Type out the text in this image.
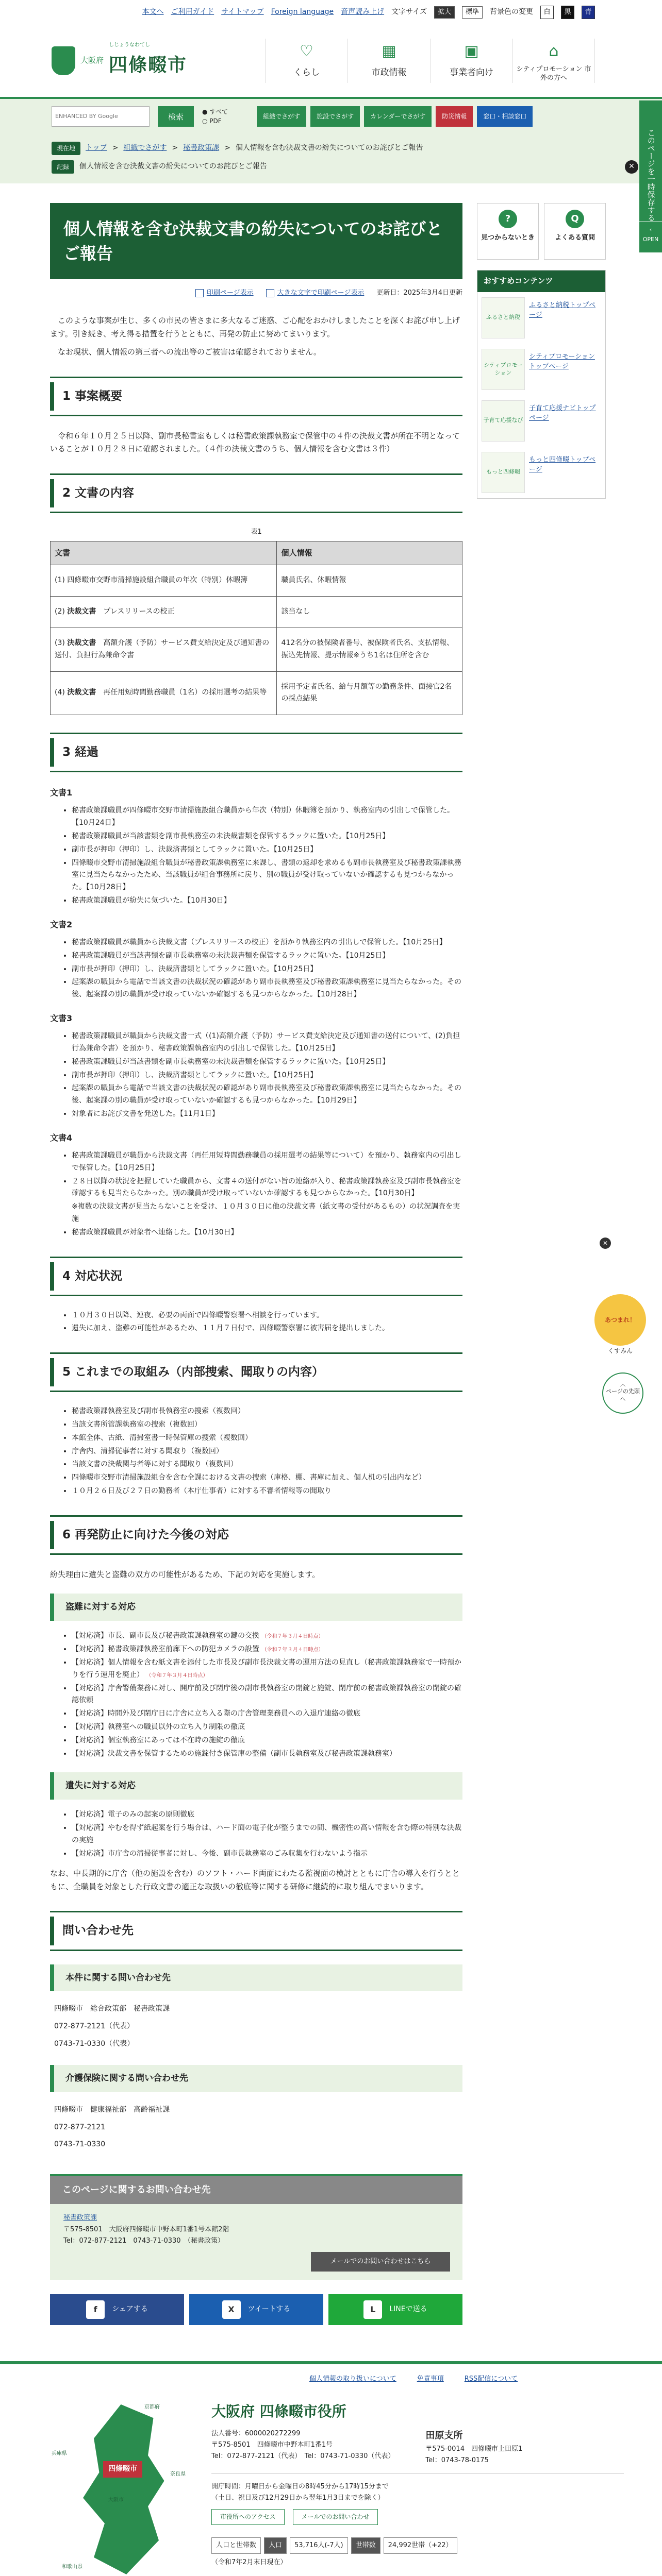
本文へ ご利用ガイド サイトマップ Foreign language 音声読み上げ 文字サイズ	拡大	標準	背景色の変更	白	黒	青
大阪府
しじょうなわてし
四條畷市
♡
くらし
▦
市政情報
▣
事業者向け
⌂
シティプロモーション 市外の方へ
ENHANCED BY Google	検索
● すべて
○ PDF
組織でさがす	施設でさがす	カレンダーでさがす	防災情報	窓口・相談窓口
現在地	トップ > 組織でさがす > 秘書政策課 > 個人情報を含む決裁文書の紛失についてのお詫びとご報告
記録	個人情報を含む決裁文書の紛失についてのお詫びとご報告	✕	このページを一時保存する
‹
OPEN
個人情報を含む決裁文書の紛失についてのお詫びとご報告
印刷ページ表示	大きな文字で印刷ページ表示 更新日：2025年3月4日更新

このような事案が生じ、多くの市民の皆さまに多大なるご迷惑、ご心配をおかけしましたことを深くお詫び申し上げます。引き続き、考え得る措置を行うとともに、再発の防止に努めてまいります。

なお現状、個人情報の第三者への流出等のご被害は確認されておりません。

1 事案概要

令和６年１０月２５日以降、副市長秘書室もしくは秘書政策課執務室で保管中の４件の決裁文書が所在不明となっていることが１０月２８日に確認されました。（４件の決裁文書のうち、個人情報を含む文書は３件）

2 文書の内容
表1
文書	個人情報
(1) 四條畷市交野市清掃施設組合職員の年次（特別）休暇簿	職員氏名、休暇情報
(2) 決裁文書　 プレスリリースの校正	該当なし
(3) 決裁文書　 高額介護（予防）サービス費支給決定及び通知書の送付、負担行為兼命令書	412名分の被保険者番号、被保険者氏名、支払情報、振込先情報、提示情報※うち1名は住所を含む
(4) 決裁文書　 再任用短時間勤務職員（1名）の採用選考の結果等	採用予定者氏名、給与月額等の勤務条件、面接官2名の採点結果
3 経過
文書1
• 秘書政策課職員が四條畷市交野市清掃施設組合職員から年次（特別）休暇簿を預かり、執務室内の引出しで保管した。【10月24日】
• 秘書政策課職員が当該書類を副市長執務室の未決裁書類を保管するラックに置いた。【10月25日】
• 副市長が押印（押印）し、決裁済書類としてラックに置いた。【10月25日】
• 四條畷市交野市清掃施設組合職員が秘書政策課執務室に来課し、書類の返却を求めるも副市長執務室及び秘書政策課執務室に見当たらなかったため、当該職員が組合事務所に戻り、別の職員が受け取っていないか確認するも見つからなかった。【10月28日】
• 秘書政策課職員が紛失に気づいた。【10月30日】
文書2
• 秘書政策課職員が職員から決裁文書（プレスリリースの校正）を預かり執務室内の引出しで保管した。【10月25日】
• 秘書政策課職員が当該書類を副市長執務室の未決裁書類を保管するラックに置いた。【10月25日】
• 副市長が押印（押印）し、決裁済書類としてラックに置いた。【10月25日】
• 起案課の職員から電話で当該文書の決裁状況の確認があり副市長執務室及び秘書政策課執務室に見当たらなかった。その後、起案課の別の職員が受け取っていないか確認するも見つからなかった。【10月28日】
文書3
• 秘書政策課職員が職員から決裁文書一式（(1)高額介護（予防）サービス費支給決定及び通知書の送付について、(2)負担行為兼命令書）を預かり、秘書政策課執務室内の引出しで保管した。【10月25日】
• 秘書政策課職員が当該書類を副市長執務室の未決裁書類を保管するラックに置いた。【10月25日】
• 副市長が押印（押印）し、決裁済書類としてラックに置いた。【10月25日】
• 起案課の職員から電話で当該文書の決裁状況の確認があり副市長執務室及び秘書政策課執務室に見当たらなかった。その後、起案課の別の職員が受け取っていないか確認するも見つからなかった。【10月29日】
• 対象者にお詫び文書を発送した。【11月1日】
文書4
• 秘書政策課職員が職員から決裁文書（再任用短時間勤務職員の採用選考の結果等について）を預かり、執務室内の引出しで保管した。【10月25日】
• ２８日以降の状況を把握していた職員から、文書４の送付がない旨の連絡が入り、秘書政策課執務室及び副市長執務室を確認するも見当たらなかった。別の職員が受け取っていないか確認するも見つからなかった。【10月30日】
※複数の決裁文書が見当たらないことを受け、１０月３０日に他の決裁文書（紙文書の受付があるもの）の状況調査を実施
• 秘書政策課職員が対象者へ連絡した。【10月30日】
4 対応状況
• １０月３０日以降、連夜、必要の両面で四條畷警察署へ相談を行っています。
• 遺失に加え、盗難の可能性があるため、１１月７日付で、四條畷警察署に被害届を提出しました。
5 これまでの取組み（内部捜索、聞取りの内容）
• 秘書政策課執務室及び副市長執務室の捜索（複数回）
• 当該文書所管課執務室の捜索（複数回）
• 本館全体、古紙、清掃室書一時保管庫の捜索（複数回）
• 庁舎内、清掃従事者に対する聞取り（複数回）
• 当該文書の決裁関与者等に対する聞取り（複数回）
• 四條畷市交野市清掃施設組合を含む全課における文書の捜索（庫格、棚、書庫に加え、個人机の引出内など）
• １０月２６日及び２７日の勤務者（本庁仕事者）に対する不審者情報等の聞取り
6 再発防止に向けた今後の対応

紛失理由に遺失と盗難の双方の可能性があるため、下記の対応を実施します。

盗難に対する対応
• 【対応済】市長、副市長及び秘書政策課執務室の鍵の交換 （令和７年３月４日時点）
• 【対応済】秘書政策課執務室前廊下への防犯カメラの設置 （令和７年３月４日時点）
• 【対応済】個人情報を含む紙文書を添付した市長及び副市長決裁文書の運用方法の見直し（秘書政策課執務室で一時預かりを行う運用を廃止） （令和７年３月４日時点）
• 【対応済】庁舎警備業務に対し、開庁前及び閉庁後の副市長執務室の閉錠と施錠、閉庁前の秘書政策課執務室の閉錠の確認依頼
• 【対応済】時間外及び閉庁日に庁舎に立ち入る際の庁舎管理業務員への入退庁連絡の徹底
• 【対応済】執務室への職員以外の立ち入り制限の徹底
• 【対応済】個室執務室にあっては不在時の施錠の徹底
• 【対応済】決裁文書を保管するための施錠付き保管庫の整備（副市長執務室及び秘書政策課執務室）
遺失に対する対応
• 【対応済】電子のみの起案の原則徹底
• 【対応済】やむを得ず紙起案を行う場合は、ハード面の電子化が整うまでの間、機密性の高い情報を含む際の特別な決裁の実施
• 【対応済】市庁舎の清掃従事者に対し、今後、副市長執務室のごみ収集を行わないよう指示

なお、中長期的に庁舎（他の施設を含む）のソフト・ハード両面にわたる監視面の検討とともに庁舎の導入を行うとともに、全職員を対象とした行政文書の適正な取扱いの徹底等に関する研修に継続的に取り組んでまいります。

問い合わせ先
本件に関する問い合わせ先
四條畷市　総合政策部　秘書政策課
072-877-2121（代表）
0743-71-0330（代表）
介護保険に関する問い合わせ先
四條畷市　健康福祉部　高齢福祉課
072-877-2121
0743-71-0330
このページに関するお問い合わせ先
秘書政策課
〒575-8501　大阪府四條畷市中野本町1番1号本館2階
Tel：072-877-2121　0743-71-0330　（秘書政策）
メールでのお問い合わせはこちら
f	シェアする	X	ツイートする	L	LINEで送る
?
見つからないとき
Q
よくある質問
おすすめコンテンツ
ふるさと納税
ふるさと納税トップページ
シティプロモーション
シティプロモーショントップページ
子育て応援なび
子育て応援ナビトップページ
もっと四條畷
もっと四條畷トップページ
✕
あつまれ！
くすみん
︿
ページの先頭へ
個人情報の取り扱いについて	免責事項	RSS配信について
四條畷市
京都府
奈良県
大阪市
兵庫県
和歌山県
大阪府 四條畷市役所
法人番号：6000020272299
〒575-8501　四條畷市中野本町1番1号
Tel：072-877-2121（代表）　Tel：0743-71-0330（代表）
田原支所
〒575-0014　四條畷市上田原1
Tel：0743-78-0175
開庁時間：月曜日から金曜日の8時45分から17時15分まで
（土日、祝日及び12月29日から翌年1月3日までを除く）
市役所へのアクセス	メールでのお問い合わせ
人口と世帯数	人口	53,716人(-7人)	世帯数	24,992世帯（+22）
（令和7年2月末日現在）
